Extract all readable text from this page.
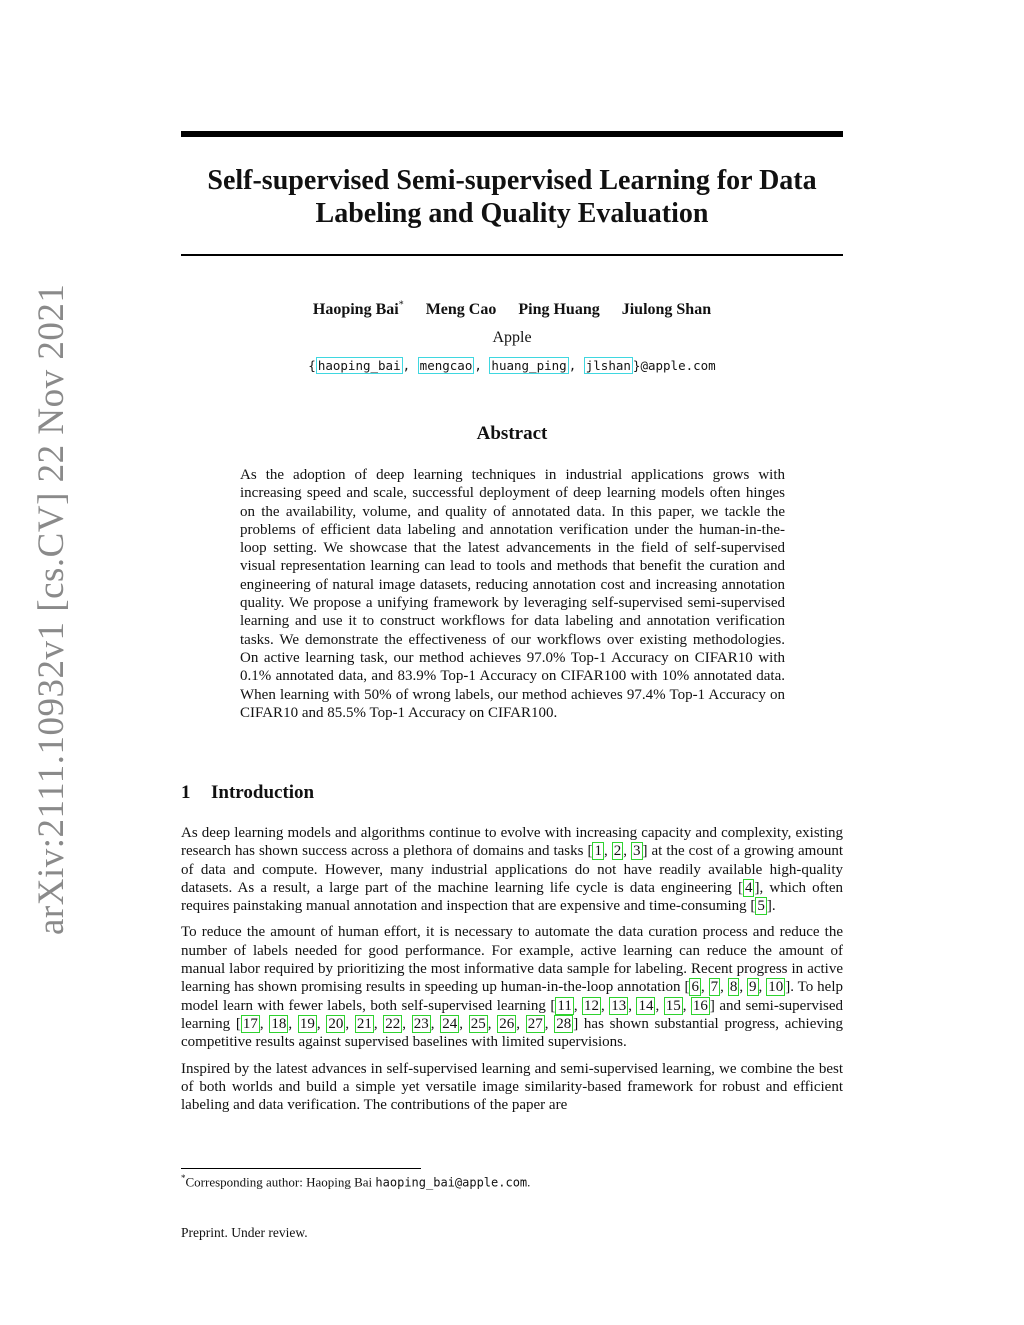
arXiv:2111.10932v1 [cs.CV] 22 Nov 2021
Self-supervised Semi-supervised Learning for Data
Labeling and Quality Evaluation
Haoping Bai* Meng Cao Ping Huang Jiulong Shan
Apple
{ haoping_bai , mengcao , huang_ping , jlshan }@apple.com
Abstract
As the adoption of deep learning techniques in industrial applications grows with increasing speed and scale, successful deployment of deep learning models often hinges on the availability, volume, and quality of annotated data. In this paper, we tackle the problems of efficient data labeling and annotation verification under the human-in-the-loop setting. We showcase that the latest advancements in the field of self-supervised visual representation learning can lead to tools and methods that benefit the curation and engineering of natural image datasets, reducing annotation cost and increasing annotation quality. We propose a unifying framework by leveraging self-supervised semi-supervised learning and use it to construct workflows for data labeling and annotation verification tasks. We demonstrate the effectiveness of our workflows over existing methodologies. On active learning task, our method achieves 97.0% Top-1 Accuracy on CIFAR10 with 0.1% annotated data, and 83.9% Top-1 Accuracy on CIFAR100 with 10% annotated data. When learning with 50% of wrong labels, our method achieves 97.4% Top-1 Accuracy on CIFAR10 and 85.5% Top-1 Accuracy on CIFAR100.
1 Introduction

As deep learning models and algorithms continue to evolve with increasing capacity and complexity, existing research has shown success across a plethora of domains and tasks [ 1 , 2 , 3 ] at the cost of a growing amount of data and compute. However, many industrial applications do not have readily available high-quality datasets. As a result, a large part of the machine learning life cycle is data engineering [ 4 ], which often requires painstaking manual annotation and inspection that are expensive and time-consuming [ 5 ].

To reduce the amount of human effort, it is necessary to automate the data curation process and reduce the number of labels needed for good performance. For example, active learning can reduce the amount of manual labor required by prioritizing the most informative data sample for labeling. Recent progress in active learning has shown promising results in speeding up human-in-the-loop annotation [ 6 , 7 , 8 , 9 , 10 ]. To help model learn with fewer labels, both self-supervised learning [ 11 , 12 , 13 , 14 , 15 , 16 ] and semi-supervised learning [ 17 , 18 , 19 , 20 , 21 , 22 , 23 , 24 , 25 , 26 , 27 , 28 ] has shown substantial progress, achieving competitive results against supervised baselines with limited supervisions.

Inspired by the latest advances in self-supervised learning and semi-supervised learning, we combine the best of both worlds and build a simple yet versatile image similarity-based framework for robust and efficient labeling and data verification. The contributions of the paper are

*Corresponding author: Haoping Bai haoping_bai@apple.com.
Preprint. Under review.
